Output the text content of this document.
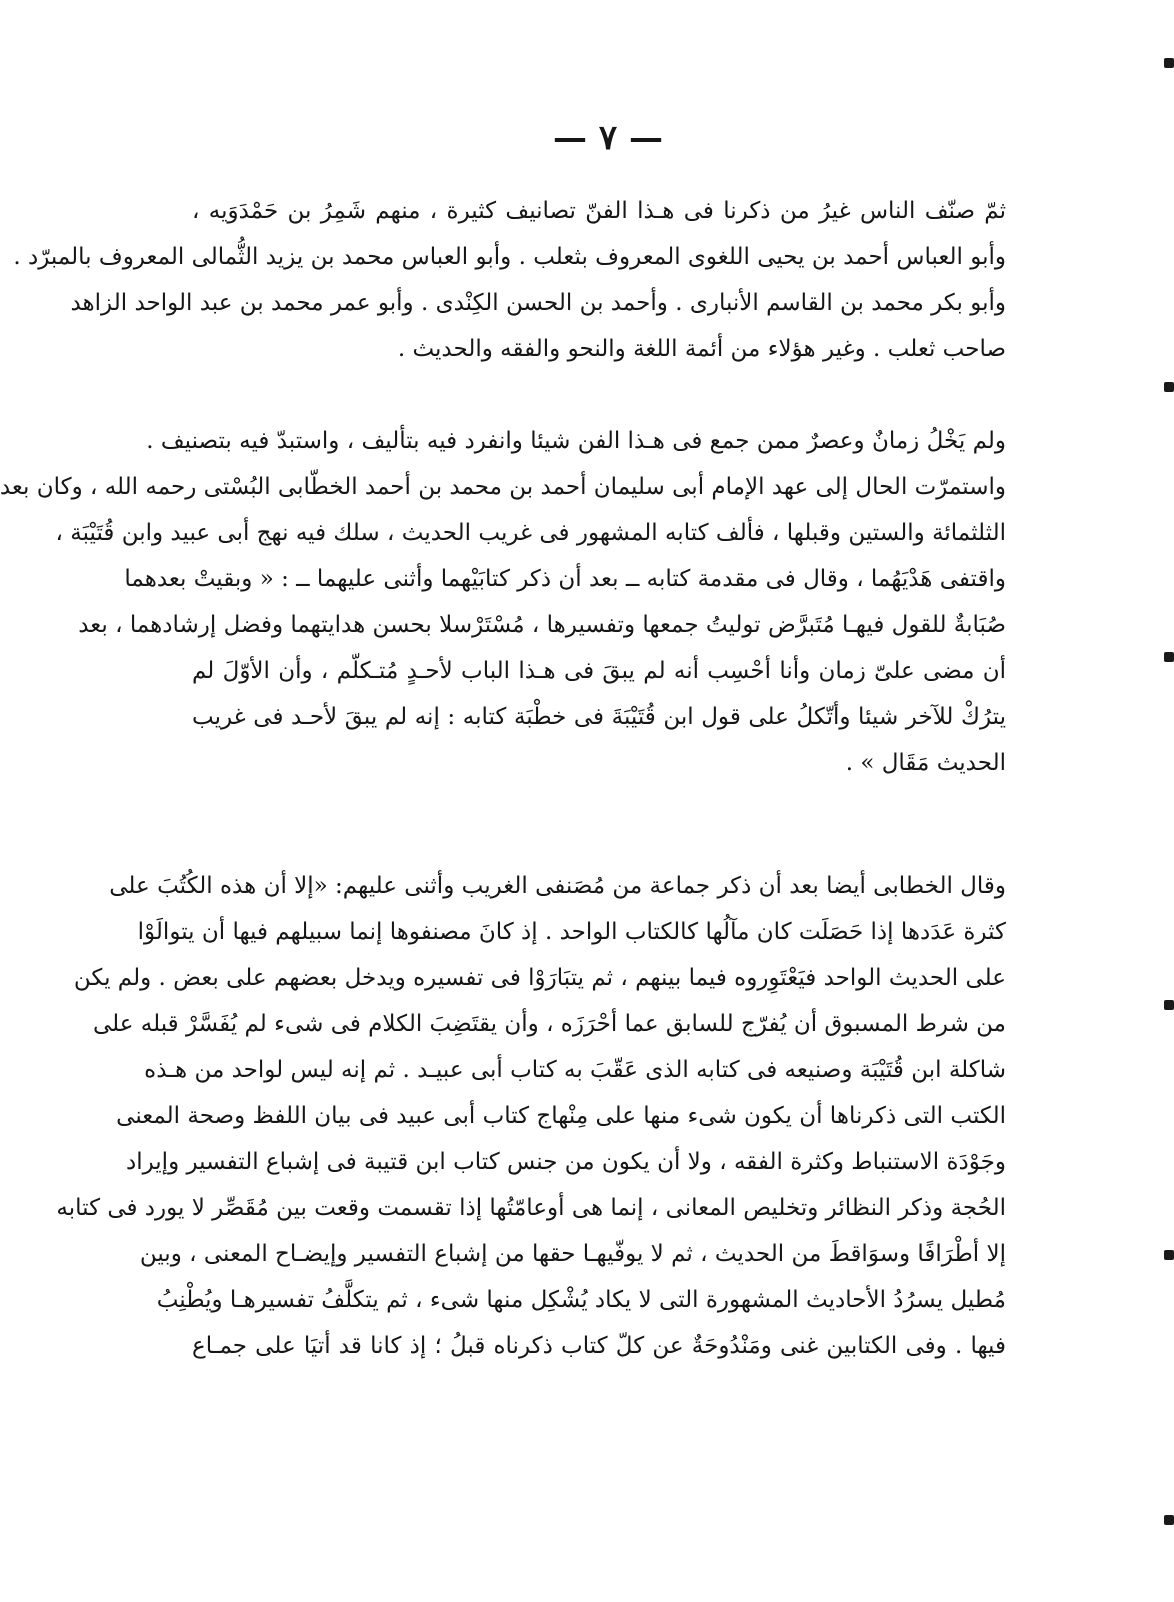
— ٧ —
ثمّ صنّف الناس غيرُ من ذكرنا فى هـذا الفنّ تصانيف كثيرة ، منهم شَمِرُ بن حَمْدَوَيه ،
وأبو العباس أحمد بن يحيى اللغوى المعروف بثعلب . وأبو العباس محمد بن يزيد الثُّمالى المعروف بالمبرّد .
وأبو بكر محمد بن القاسم الأنبارى . وأحمد بن الحسن الكِنْدى . وأبو عمر محمد بن عبد الواحد الزاهد
صاحب ثعلب . وغير هؤلاء من أئمة اللغة والنحو والفقه والحديث .
ولم يَخْلُ زمانٌ وعصرٌ ممن جمع فى هـذا الفن شيئا وانفرد فيه بتأليف ، واستبدّ فيه بتصنيف .
واستمرّت الحال إلى عهد الإمام أبى سليمان أحمد بن محمد بن أحمد الخطّابى البُسْتى رحمه الله ، وكان بعد
الثلثمائة والستين وقبلها ، فألف كتابه المشهور فى غريب الحديث ، سلك فيه نهج أبى عبيد وابن قُتَيْبَة ،
واقتفى هَدْيَهُما ، وقال فى مقدمة كتابه ــ بعد أن ذكر كتابَيْهما وأثنى عليهما ــ : « وبقيتْ بعدهما
صُبَابةٌ للقول فيهـا مُتَبرَّض توليتُ جمعها وتفسيرها ، مُسْتَرْسلا بحسن هدايتهما وفضل إرشادهما ، بعد
أن مضى علىّ زمان وأنا أحْسِب أنه لم يبقَ فى هـذا الباب لأحـدٍ مُتـكلّم ، وأن الأوّلَ لم
يترُكْ للآخر شيئا وأتّكلُ على قول ابن قُتَيْبَةَ فى خطْبَة كتابه : إنه لم يبقَ لأحـد فى غريب
الحديث مَقَال » .
وقال الخطابى أيضا بعد أن ذكر جماعة من مُصَنفى الغريب وأثنى عليهم: «إلا أن هذه الكُتُبَ على
كثرة عَدَدها إذا حَصَلَت كان مآلُها كالكتاب الواحد . إذ كانَ مصنفوها إنما سبيلهم فيها أن يتوالَوْا
على الحديث الواحد فيَعْتَوِروه فيما بينهم ، ثم يتبَارَوْا فى تفسيره ويدخل بعضهم على بعض . ولم يكن
من شرط المسبوق أن يُفرّج للسابق عما أحْرَزَه ، وأن يقتَضِبَ الكلام فى شىء لم يُفَسَّرْ قبله على
شاكلة ابن قُتَيْبَة وصنيعه فى كتابه الذى عَقّبَ به كتاب أبى عبيـد . ثم إنه ليس لواحد من هـذه
الكتب التى ذكرناها أن يكون شىء منها على مِنْهاج كتاب أبى عبيد فى بيان اللفظ وصحة المعنى
وجَوْدَة الاستنباط وكثرة الفقه ، ولا أن يكون من جنس كتاب ابن قتيبة فى إشباع التفسير وإيراد
الحُجة وذكر النظائر وتخليص المعانى ، إنما هى أوعامّتُها إذا تقسمت وقعت بين مُقَصِّر لا يورد فى كتابه
إلا أطْرَافًا وسوَاقطَ من الحديث ، ثم لا يوفّيهـا حقها من إشباع التفسير وإيضـاح المعنى ، وبين
مُطيل يسرُدُ الأحاديث المشهورة التى لا يكاد يُشْكِل منها شىء ، ثم يتكلَّفُ تفسيرهـا ويُطْنِبُ
فيها . وفى الكتابين غنى ومَنْدُوحَةٌ عن كلّ كتاب ذكرناه قبلُ ؛ إذ كانا قد أتيَا على جمـاع
